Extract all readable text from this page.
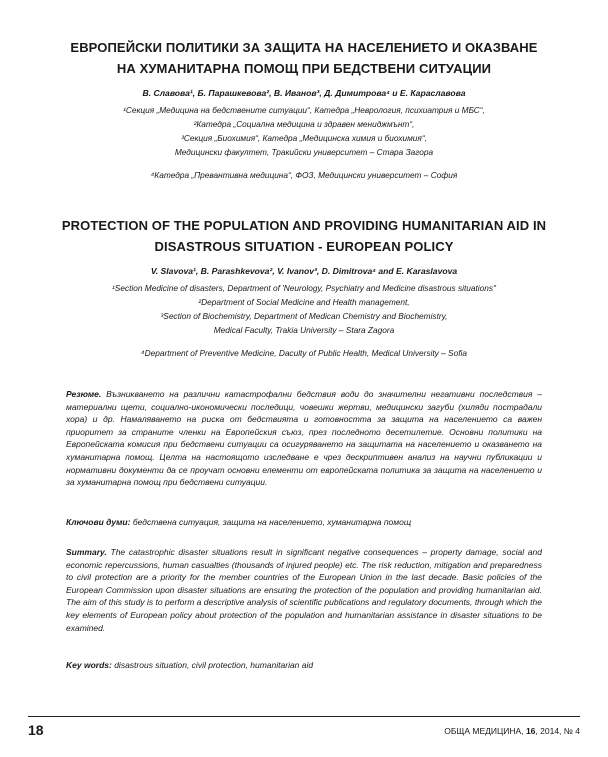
ЕВРОПЕЙСКИ ПОЛИТИКИ ЗА ЗАЩИТА НА НАСЕЛЕНИЕТО И ОКАЗВАНЕ
НА ХУМАНИТАРНА ПОМОЩ ПРИ БЕДСТВЕНИ СИТУАЦИИ

В. Славова¹, Б. Парашкевова², В. Иванов³, Д. Димитрова⁴ и Е. Караславова

¹Секция „Медицина на бедствените ситуации“, Катедра „Неврология, психиатрия и МБС“,
²Катедра „Социална медицина и здравен мениджмънт“,
³Секция „Биохимия“, Катедра „Медицинска химия и биохимия“,
Медицински факултет, Тракийски университет – Стара Загора

⁴Катедра „Превантивна медицина“, ФОЗ, Медицински университет – София

PROTECTION OF THE POPULATION AND PROVIDING HUMANITARIAN AID IN
DISASTROUS SITUATION - EUROPEAN POLICY

V. Slavova¹, B. Parashkevova², V. Ivanov³, D. Dimitrova⁴ and E. Karaslavova

¹Section Medicine of disasters, Department of 'Neurology, Psychiatry and Medicine disastrous situations"
²Department of Social Medicine and Health management,
³Section of Biochemistry, Department of Medican Chemistry and Biochemistry,
Medical Faculty, Trakia University – Stara Zagora

⁴Department of Preventive Medicine, Daculty of Public Health, Medical University – Sofia

Резюме. Възникването на различни катастрофални бедствия води до значителни негативни последствия – материални щети, социално-икономически последици, човешки жертви, медицински загуби (хиляди пострадали хора) и др. Намаляването на риска от бедствията и готовността за защита на населението са важен приоритет за страните членки на Европейския съюз, през последното десетилетие. Основни политики на Европейската комисия при бедствени ситуации са осигуряването на защитата на населението и оказването на хуманитарна помощ. Целта на настоящото изследване е чрез дескриптивен анализ на научни публикации и нормативни документи да се проучат основни елементи от европейската политика за защита на населението и за хуманитарна помощ при бедствени ситуации.

Ключови думи: бедствена ситуация, защита на населението, хуманитарна помощ

Summary. The catastrophic disaster situations result in significant negative consequences – property damage, social and economic repercussions, human casualties (thousands of injured people) etc. The risk reduction, mitigation and preparedness to civil protection are a priority for the member countries of the European Union in the last decade. Basic policies of the European Commission upon disaster situations are ensuring the protection of the population and providing humanitarian aid. The aim of this study is to perform a descriptive analysis of scientific publications and regulatory documents, through which the key elements of European policy about protection of the population and humanitarian assistance in disaster situations to be examined.

Key words: disastrous situation, civil protection, humanitarian aid

18	ОБЩА МЕДИЦИНА, 16, 2014, № 4
